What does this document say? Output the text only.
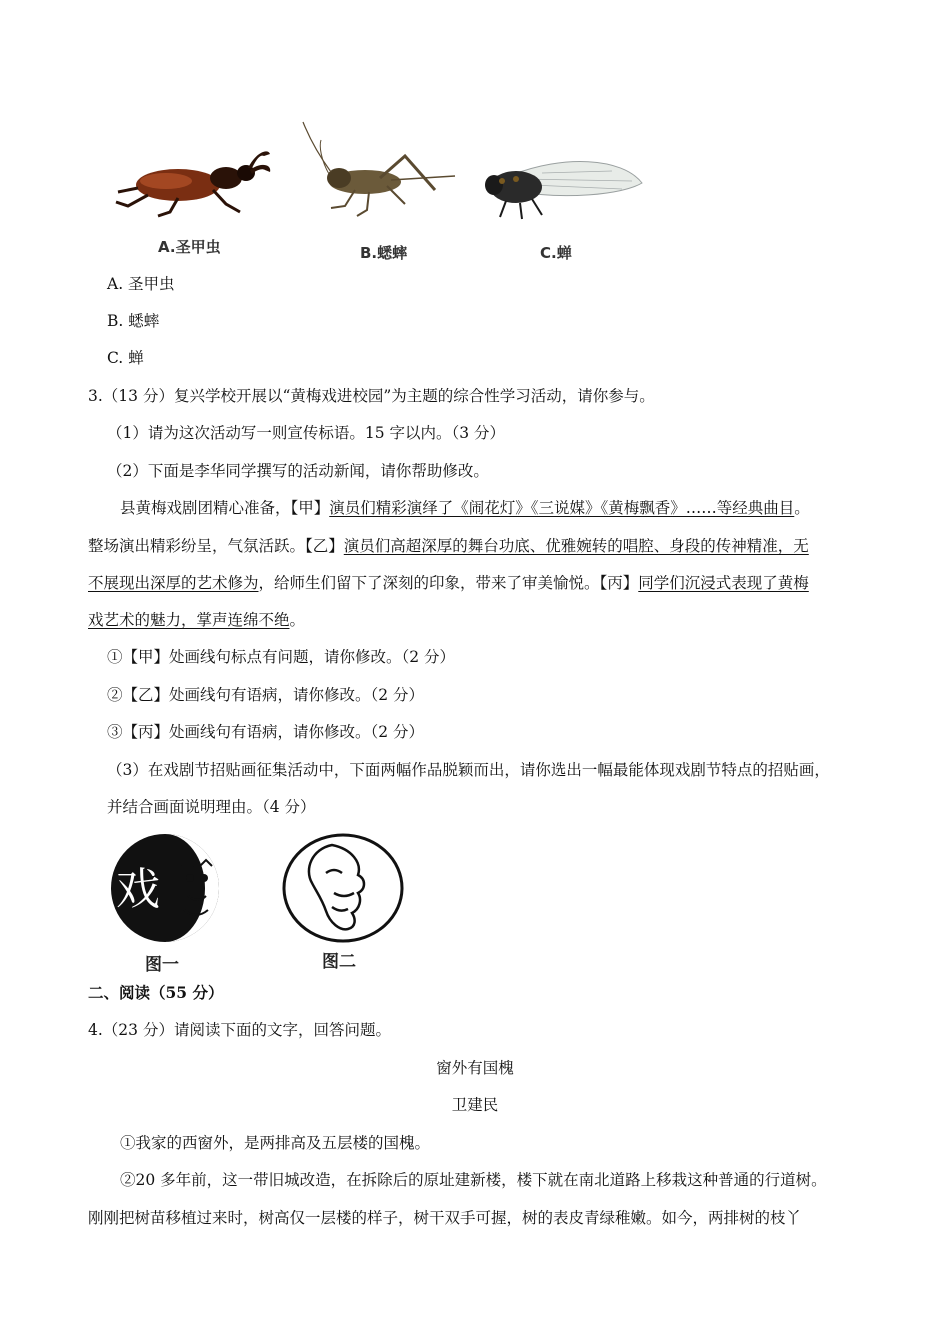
A.圣甲虫	B.蟋蟀	C.蝉
A. 圣甲虫
B. 蟋蟀
C. 蝉
3.（13 分）复兴学校开展以“黄梅戏进校园”为主题的综合性学习活动，请你参与。
（1）请为这次活动写一则宣传标语。15 字以内。（3 分）
（2）下面是李华同学撰写的活动新闻，请你帮助修改。
县黄梅戏剧团精心准备，【甲】演员们精彩演绎了《闹花灯》《三说媒》《黄梅飘香》……等经典曲目。
整场演出精彩纷呈，气氛活跃。【乙】演员们高超深厚的舞台功底、优雅婉转的唱腔、身段的传神精准，无
不展现出深厚的艺术修为，给师生们留下了深刻的印象，带来了审美愉悦。【丙】同学们沉浸式表现了黄梅
戏艺术的魅力，掌声连绵不绝。
①【甲】处画线句标点有问题，请你修改。（2 分）
②【乙】处画线句有语病，请你修改。（2 分）
③【丙】处画线句有语病，请你修改。（2 分）
（3）在戏剧节招贴画征集活动中，下面两幅作品脱颖而出，请你选出一幅最能体现戏剧节特点的招贴画，
并结合画面说明理由。（4 分）
戏
图一	图二
二、阅读（55 分）
4.（23 分）请阅读下面的文字，回答问题。
窗外有国槐
卫建民
①我家的西窗外，是两排高及五层楼的国槐。
②20 多年前，这一带旧城改造，在拆除后的原址建新楼，楼下就在南北道路上移栽这种普通的行道树。
刚刚把树苗移植过来时，树高仅一层楼的样子，树干双手可握，树的表皮青绿稚嫩。如今，两排树的枝丫
